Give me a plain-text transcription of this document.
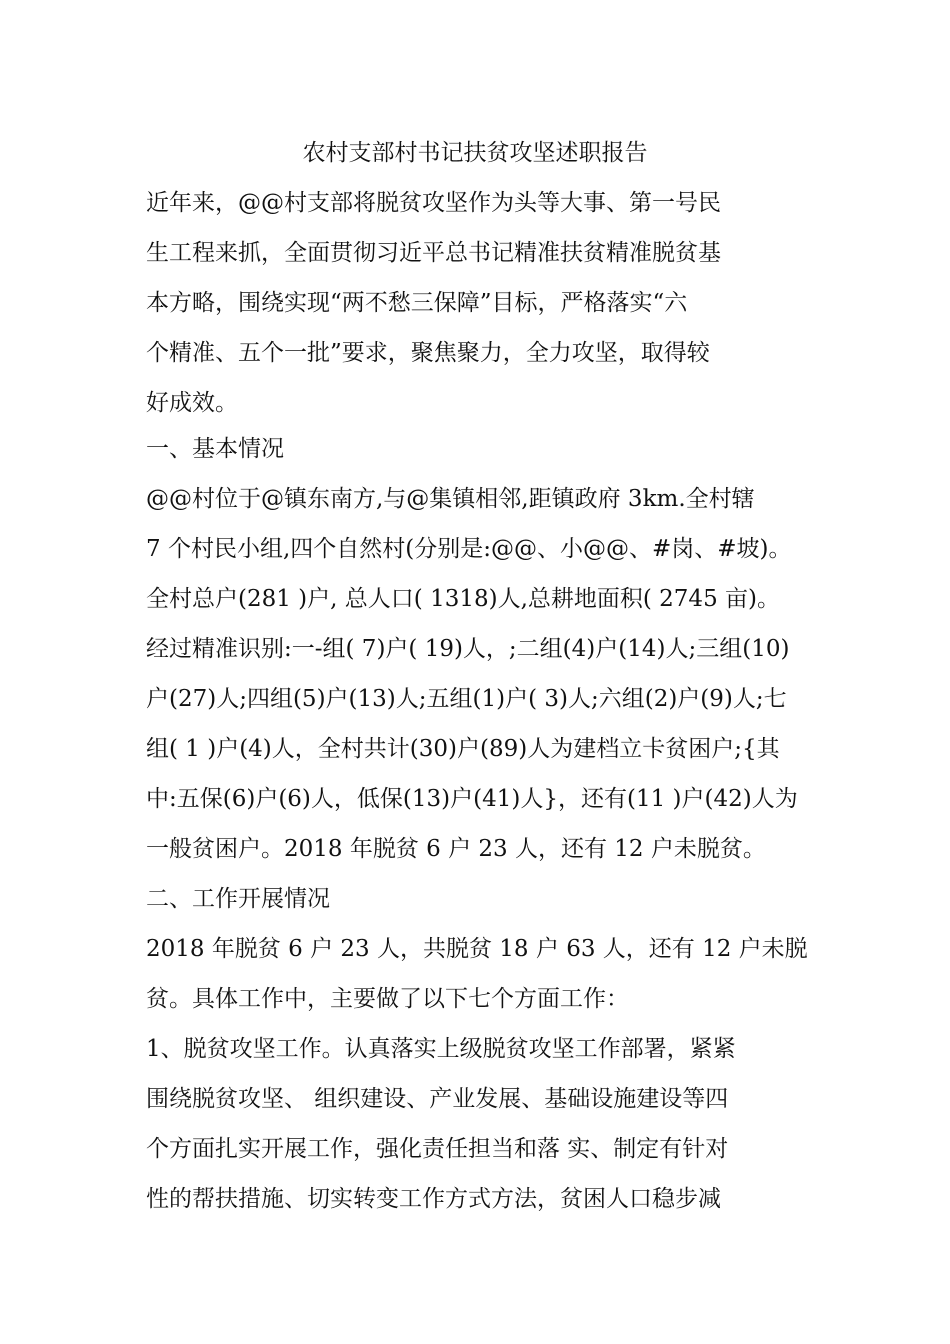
农村支部村书记扶贫攻坚述职报告
近年来，@@村支部将脱贫攻坚作为头等大事、第一号民
生工程来抓，全面贯彻习近平总书记精准扶贫精准脱贫基
本方略，围绕实现“两不愁三保障”目标，严格落实“六
个精准、五个一批”要求，聚焦聚力，全力攻坚，取得较
好成效。
一、基本情况
@@村位于@镇东南方,与@集镇相邻,距镇政府 3km.全村辖
7 个村民小组,四个自然村(分别是:@@、小@@、#岗、#坡)。
全村总户(281 )户, 总人口( 1318)人,总耕地面积( 2745 亩)。
经过精准识别:一-组( 7)户( 19)人，;二组(4)户(14)人;三组(10)
户(27)人;四组(5)户(13)人;五组(1)户( 3)人;六组(2)户(9)人;七
组( 1 )户(4)人，全村共计(30)户(89)人为建档立卡贫困户;{其
中:五保(6)户(6)人，低保(13)户(41)人}，还有(11 )户(42)人为
一般贫困户。2018 年脱贫 6 户 23 人，还有 12 户未脱贫。
二、工作开展情况
2018 年脱贫 6 户 23 人，共脱贫 18 户 63 人，还有 12 户未脱
贫。具体工作中，主要做了以下七个方面工作：
1、脱贫攻坚工作。认真落实上级脱贫攻坚工作部署，紧紧
围绕脱贫攻坚、 组织建设、产业发展、基础设施建设等四
个方面扎实开展工作，强化责任担当和落 实、制定有针对
性的帮扶措施、切实转变工作方式方法，贫困人口稳步减
